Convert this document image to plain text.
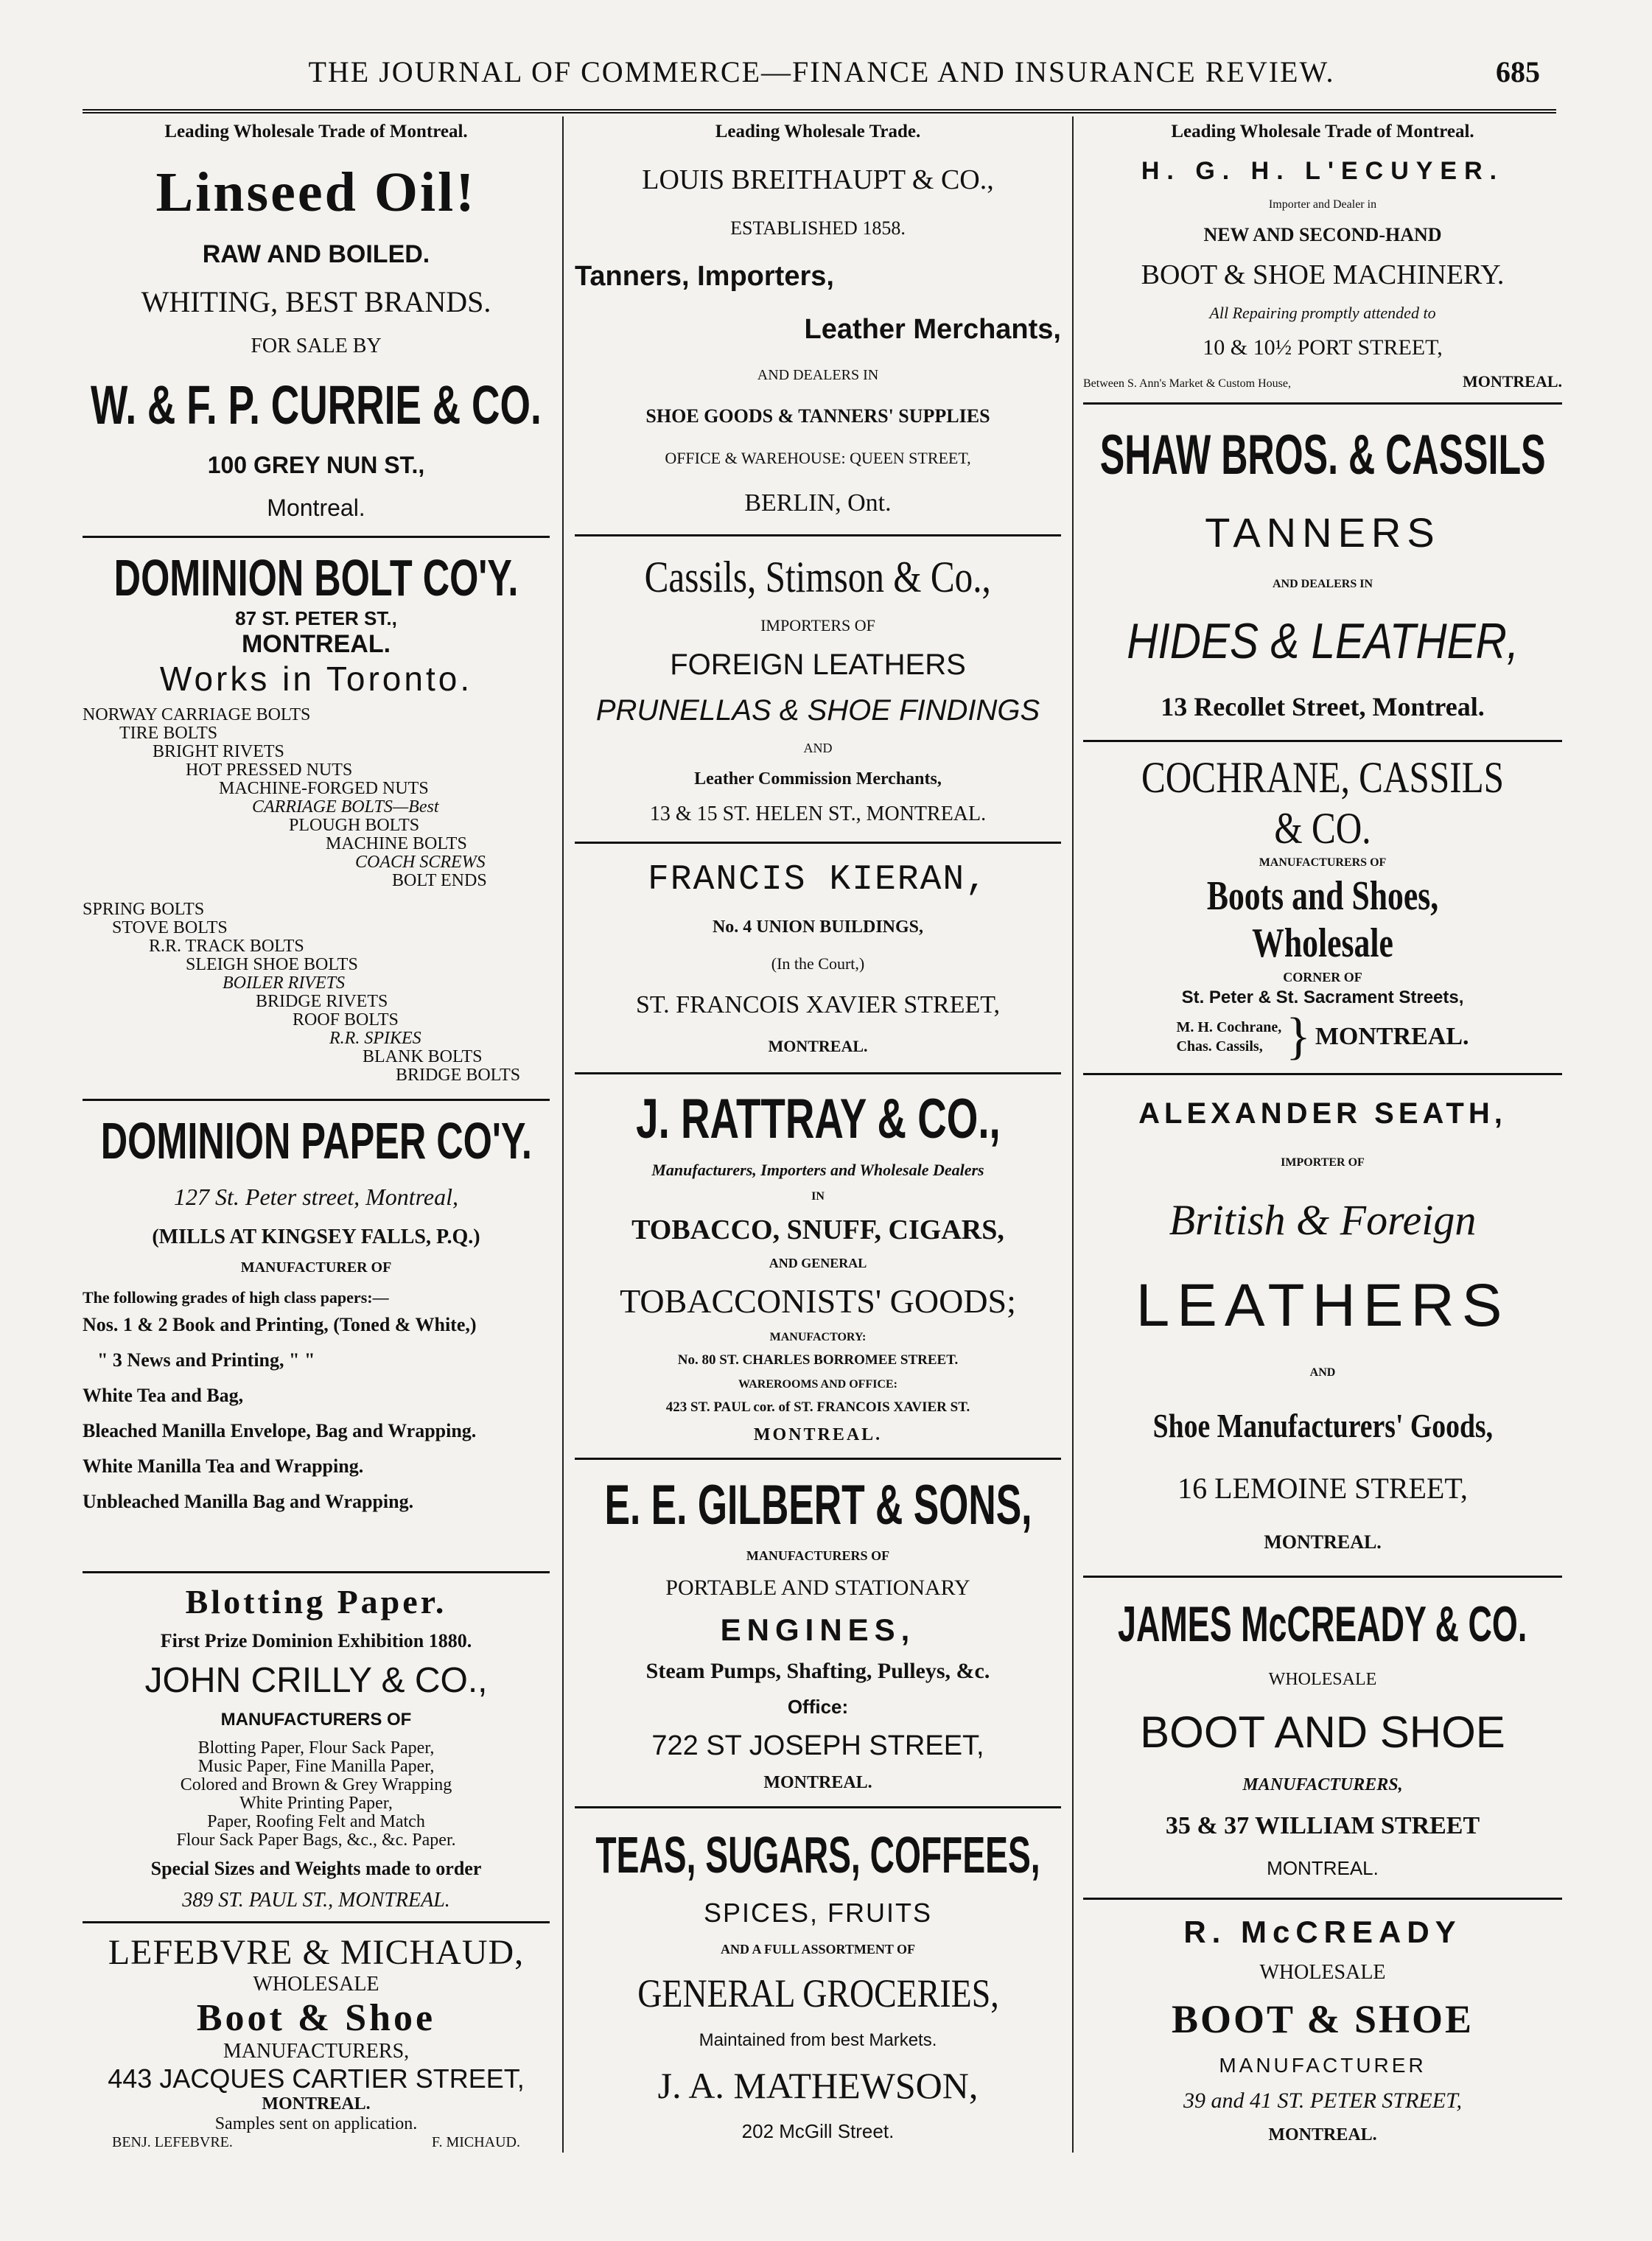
THE JOURNAL OF COMMERCE—FINANCE AND INSURANCE REVIEW.	685
Leading Wholesale Trade of Montreal.
Linseed Oil!
RAW AND BOILED.
WHITING, BEST BRANDS.
FOR SALE BY
W. & F. P. CURRIE & CO.
100 GREY NUN ST.,
Montreal.
DOMINION BOLT CO'Y.
87 ST. PETER ST.,
MONTREAL.
Works in Toronto.
NORWAY CARRIAGE BOLTS
TIRE BOLTS
BRIGHT RIVETS
HOT PRESSED NUTS
MACHINE-FORGED NUTS
CARRIAGE BOLTS—Best
PLOUGH BOLTS
MACHINE BOLTS
COACH SCREWS
BOLT ENDS
SPRING BOLTS
STOVE BOLTS
R.R. TRACK BOLTS
SLEIGH SHOE BOLTS
BOILER RIVETS
BRIDGE RIVETS
ROOF BOLTS
R.R. SPIKES
BLANK BOLTS
BRIDGE BOLTS
DOMINION PAPER CO'Y.
127 St. Peter street, Montreal,
(MILLS AT KINGSEY FALLS, P.Q.)
MANUFACTURER OF
The following grades of high class papers:—
Nos. 1 & 2 Book and Printing, (Toned & White,)
" 3 News and Printing, " "
White Tea and Bag,
Bleached Manilla Envelope, Bag and Wrapping.
White Manilla Tea and Wrapping.
Unbleached Manilla Bag and Wrapping.
Blotting Paper.
First Prize Dominion Exhibition 1880.
JOHN CRILLY & CO.,
MANUFACTURERS OF
Blotting Paper, Flour Sack Paper,
Music Paper, Fine Manilla Paper,
Colored and Brown & Grey Wrapping
White Printing Paper,
Paper, Roofing Felt and Match
Flour Sack Paper Bags, &c., &c. Paper.
Special Sizes and Weights made to order
389 ST. PAUL ST., MONTREAL.
LEFEBVRE & MICHAUD,
WHOLESALE
Boot & Shoe
MANUFACTURERS,
443 JACQUES CARTIER STREET,
MONTREAL.
Samples sent on application.
BENJ. LEFEBVRE.	F. MICHAUD.
Leading Wholesale Trade.
LOUIS BREITHAUPT & CO.,
ESTABLISHED 1858.
Tanners, Importers,
Leather Merchants,
AND DEALERS IN
SHOE GOODS & TANNERS' SUPPLIES
OFFICE & WAREHOUSE: QUEEN STREET,
BERLIN, Ont.
Cassils, Stimson & Co.,
IMPORTERS OF
FOREIGN LEATHERS
PRUNELLAS & SHOE FINDINGS
AND
Leather Commission Merchants,
13 & 15 ST. HELEN ST., MONTREAL.
FRANCIS KIERAN,
No. 4 UNION BUILDINGS,
(In the Court,)
ST. FRANCOIS XAVIER STREET,
MONTREAL.
J. RATTRAY & CO.,
Manufacturers, Importers and Wholesale Dealers
IN
TOBACCO, SNUFF, CIGARS,
AND GENERAL
TOBACCONISTS' GOODS;
MANUFACTORY:
No. 80 ST. CHARLES BORROMEE STREET.
WAREROOMS AND OFFICE:
423 ST. PAUL cor. of ST. FRANCOIS XAVIER ST.
MONTREAL.
E. E. GILBERT & SONS,
MANUFACTURERS OF
PORTABLE AND STATIONARY
ENGINES,
Steam Pumps, Shafting, Pulleys, &c.
Office:
722 ST JOSEPH STREET,
MONTREAL.
TEAS, SUGARS, COFFEES,
SPICES, FRUITS
AND A FULL ASSORTMENT OF
GENERAL GROCERIES,
Maintained from best Markets.
J. A. MATHEWSON,
202 McGill Street.
Leading Wholesale Trade of Montreal.
H. G. H. L'ECUYER.
Importer and Dealer in
NEW AND SECOND-HAND
BOOT & SHOE MACHINERY.
All Repairing promptly attended to
10 & 10½ PORT STREET,
Between S. Ann's Market & Custom House,	MONTREAL.
SHAW BROS. & CASSILS
TANNERS
AND DEALERS IN
HIDES & LEATHER,
13 Recollet Street, Montreal.
COCHRANE, CASSILS & CO.
MANUFACTURERS OF
Boots and Shoes, Wholesale
CORNER OF
St. Peter & St. Sacrament Streets,
M. H. Cochrane,
Chas. Cassils, } MONTREAL.
ALEXANDER SEATH,
IMPORTER OF
British & Foreign
LEATHERS
AND
Shoe Manufacturers' Goods,
16 LEMOINE STREET,
MONTREAL.
JAMES McCREADY & CO.
WHOLESALE
BOOT AND SHOE
MANUFACTURERS,
35 & 37 WILLIAM STREET
MONTREAL.
R. McCREADY
WHOLESALE
BOOT & SHOE
MANUFACTURER
39 and 41 ST. PETER STREET,
MONTREAL.
